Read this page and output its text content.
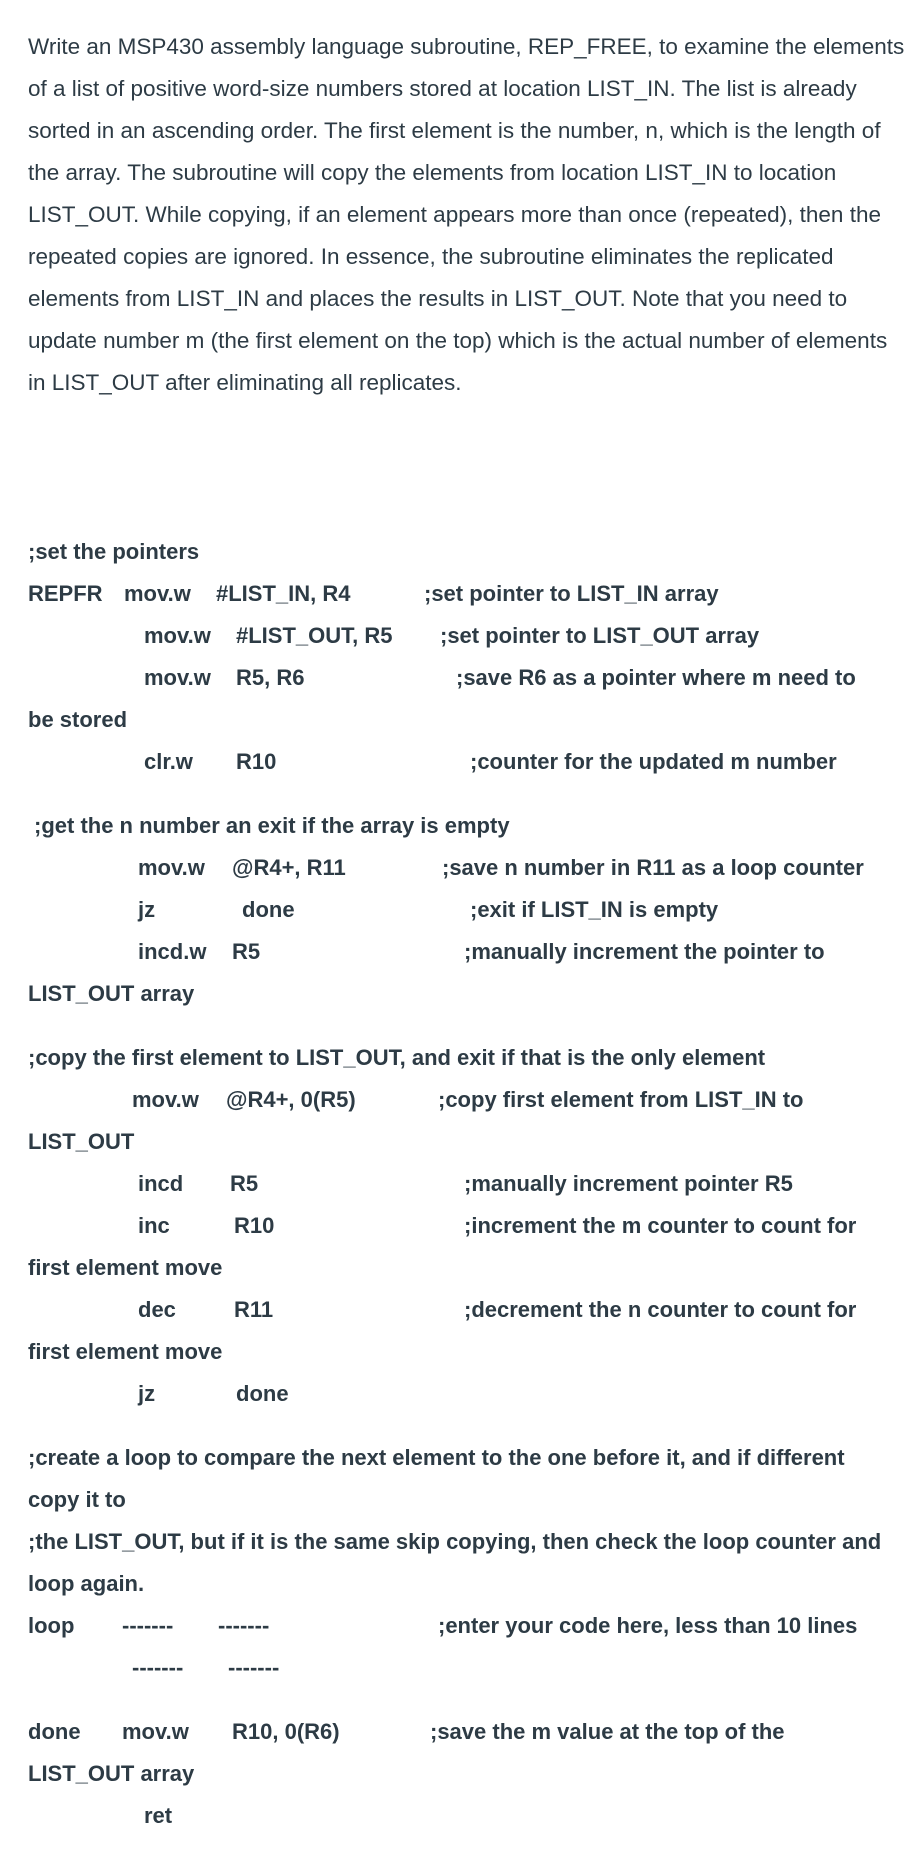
Write an MSP430 assembly language subroutine, REP_FREE, to examine the elements of a list of positive word-size numbers stored at location LIST_IN. The list is already sorted in an ascending order. The first element is the number, n, which is the length of the array. The subroutine will copy the elements from location LIST_IN to location LIST_OUT. While copying, if an element appears more than once (repeated), then the repeated copies are ignored. In essence, the subroutine eliminates the replicated elements from LIST_IN and places the results in LIST_OUT. Note that you need to update number m (the first element on the top) which is the actual number of elements in LIST_OUT after eliminating all replicates.

;set the pointers
REPFR mov.w #LIST_IN, R4	;set pointer to LIST_IN array
mov.w #LIST_OUT, R5 ;set pointer to LIST_OUT array
mov.w R5, R6	;save R6 as a pointer where m need to
be stored
clr.w R10	;counter for the updated m number
;get the n number an exit if the array is empty
mov.w @R4+, R11	;save n number in R11 as a loop counter
jz	done	;exit if LIST_IN is empty
incd.w R5	;manually increment the pointer to
LIST_OUT array
;copy the first element to LIST_OUT, and exit if that is the only element
mov.w @R4+, 0(R5)	;copy first element from LIST_IN to
LIST_OUT
incd R5	;manually increment pointer R5
inc	R10	;increment the m counter to count for
first element move
dec	R11	;decrement the n counter to count for
first element move
jz	done
;create a loop to compare the next element to the one before it, and if different
copy it to
;the LIST_OUT, but if it is the same skip copying, then check the loop counter and
loop again.
loop ------- -------	;enter your code here, less than 10 lines
------- -------
done mov.w R10, 0(R6)	;save the m value at the top of the
LIST_OUT array
ret
